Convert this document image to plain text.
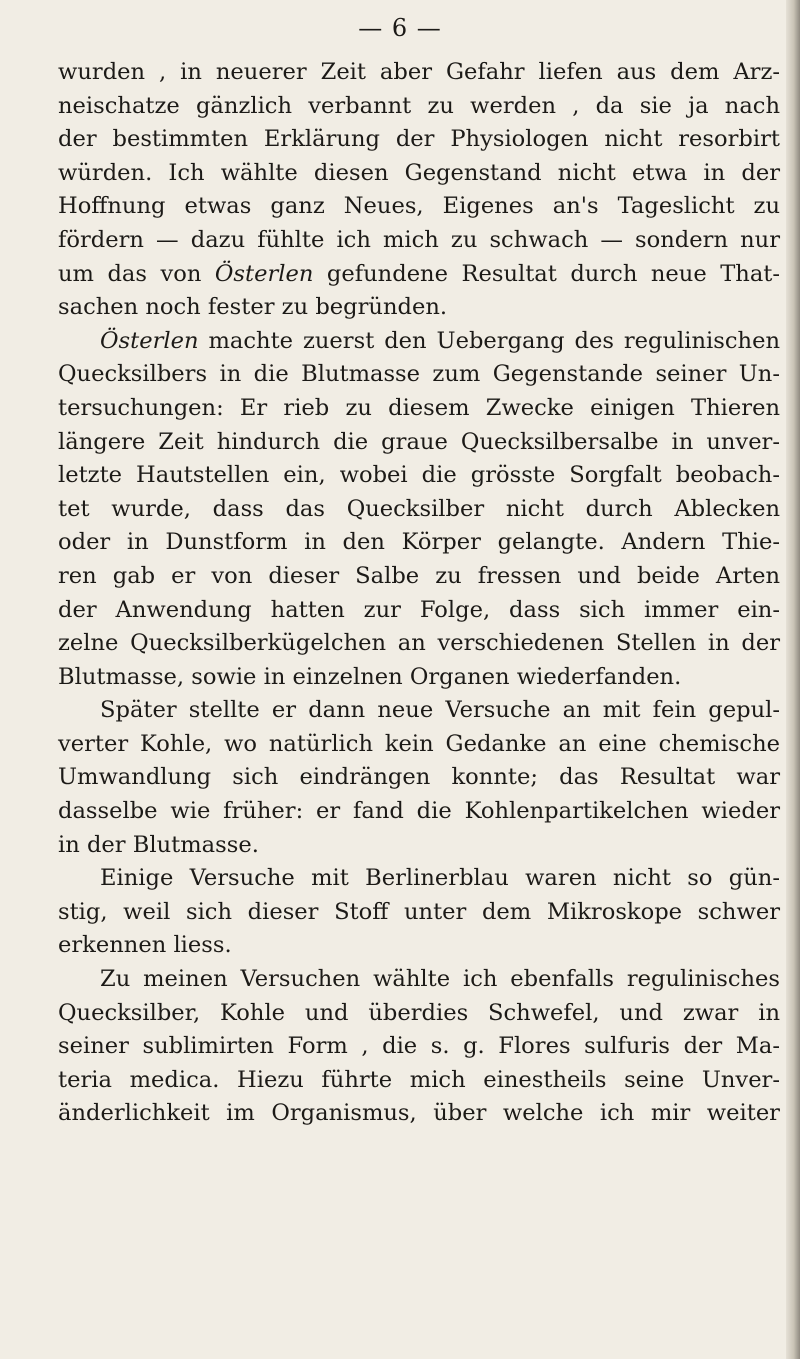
— 6 —
wurden , in neuerer Zeit aber Gefahr liefen aus dem Arz-
neischatze gänzlich verbannt zu werden , da sie ja nach
der bestimmten Erklärung der Physiologen nicht resorbirt
würden. Ich wählte diesen Gegenstand nicht etwa in der
Hoffnung etwas ganz Neues, Eigenes an's Tageslicht zu
fördern — dazu fühlte ich mich zu schwach — sondern nur
um das von Österlen gefundene Resultat durch neue That-
sachen noch fester zu begründen.
Österlen machte zuerst den Uebergang des regulinischen
Quecksilbers in die Blutmasse zum Gegenstande seiner Un-
tersuchungen: Er rieb zu diesem Zwecke einigen Thieren
längere Zeit hindurch die graue Quecksilbersalbe in unver-
letzte Hautstellen ein, wobei die grösste Sorgfalt beobach-
tet wurde, dass das Quecksilber nicht durch Ablecken
oder in Dunstform in den Körper gelangte. Andern Thie-
ren gab er von dieser Salbe zu fressen und beide Arten
der Anwendung hatten zur Folge, dass sich immer ein-
zelne Quecksilberkügelchen an verschiedenen Stellen in der
Blutmasse, sowie in einzelnen Organen wiederfanden.
Später stellte er dann neue Versuche an mit fein gepul-
verter Kohle, wo natürlich kein Gedanke an eine chemische
Umwandlung sich eindrängen konnte; das Resultat war
dasselbe wie früher: er fand die Kohlenpartikelchen wieder
in der Blutmasse.
Einige Versuche mit Berlinerblau waren nicht so gün-
stig, weil sich dieser Stoff unter dem Mikroskope schwer
erkennen liess.
Zu meinen Versuchen wählte ich ebenfalls regulinisches
Quecksilber, Kohle und überdies Schwefel, und zwar in
seiner sublimirten Form , die s. g. Flores sulfuris der Ma-
teria medica. Hiezu führte mich einestheils seine Unver-
änderlichkeit im Organismus, über welche ich mir weiter
